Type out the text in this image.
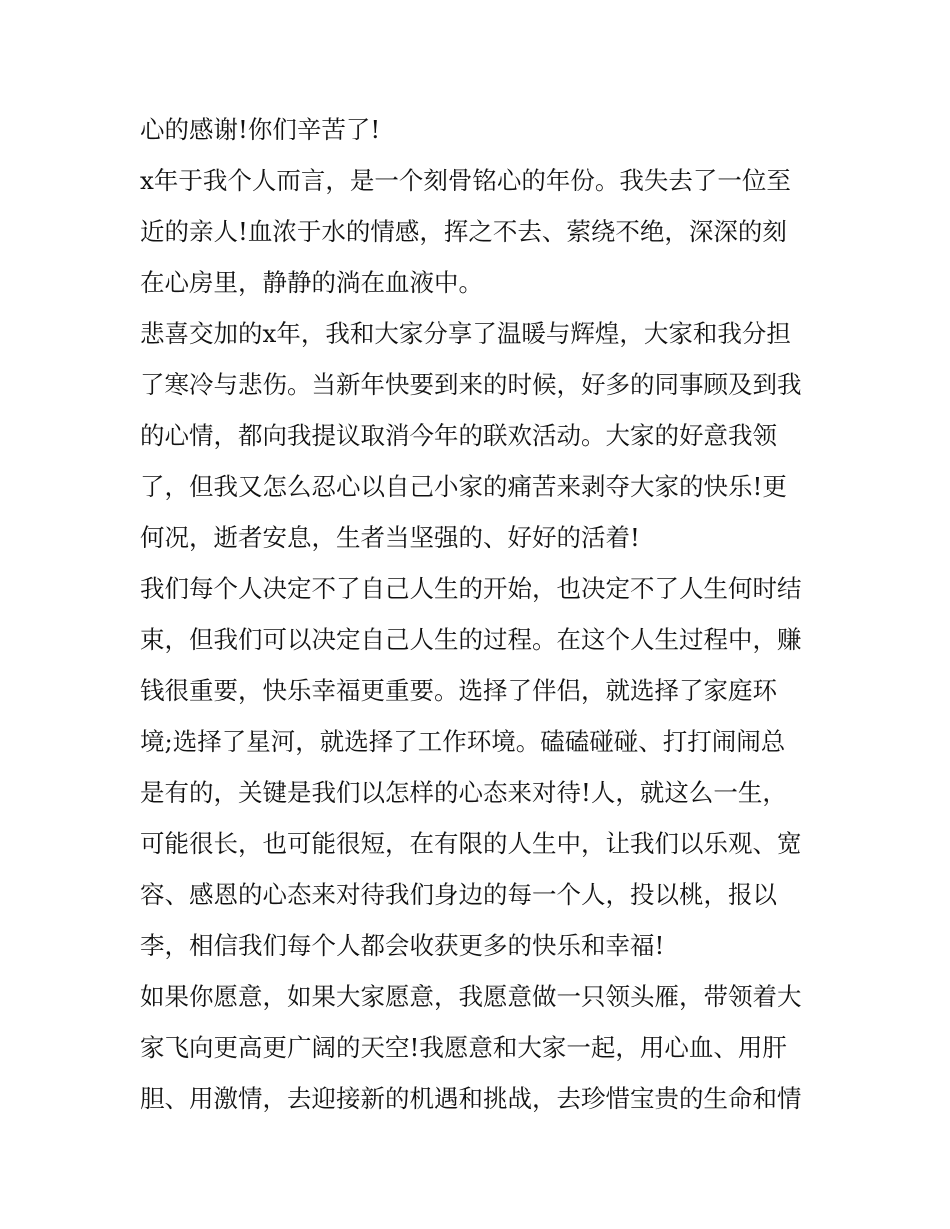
心的感谢!你们辛苦了!
x年于我个人而言，是一个刻骨铭心的年份。我失去了一位至
近的亲人!血浓于水的情感，挥之不去、萦绕不绝，深深的刻
在心房里，静静的淌在血液中。
悲喜交加的x年，我和大家分享了温暖与辉煌，大家和我分担
了寒冷与悲伤。当新年快要到来的时候，好多的同事顾及到我
的心情，都向我提议取消今年的联欢活动。大家的好意我领
了，但我又怎么忍心以自己小家的痛苦来剥夺大家的快乐!更
何况，逝者安息，生者当坚强的、好好的活着!
我们每个人决定不了自己人生的开始，也决定不了人生何时结
束，但我们可以决定自己人生的过程。在这个人生过程中，赚
钱很重要，快乐幸福更重要。选择了伴侣，就选择了家庭环
境;选择了星河，就选择了工作环境。磕磕碰碰、打打闹闹总
是有的，关键是我们以怎样的心态来对待!人，就这么一生，
可能很长，也可能很短，在有限的人生中，让我们以乐观、宽
容、感恩的心态来对待我们身边的每一个人，投以桃，报以
李，相信我们每个人都会收获更多的快乐和幸福!
如果你愿意，如果大家愿意，我愿意做一只领头雁，带领着大
家飞向更高更广阔的天空!我愿意和大家一起，用心血、用肝
胆、用激情，去迎接新的机遇和挑战，去珍惜宝贵的生命和情
